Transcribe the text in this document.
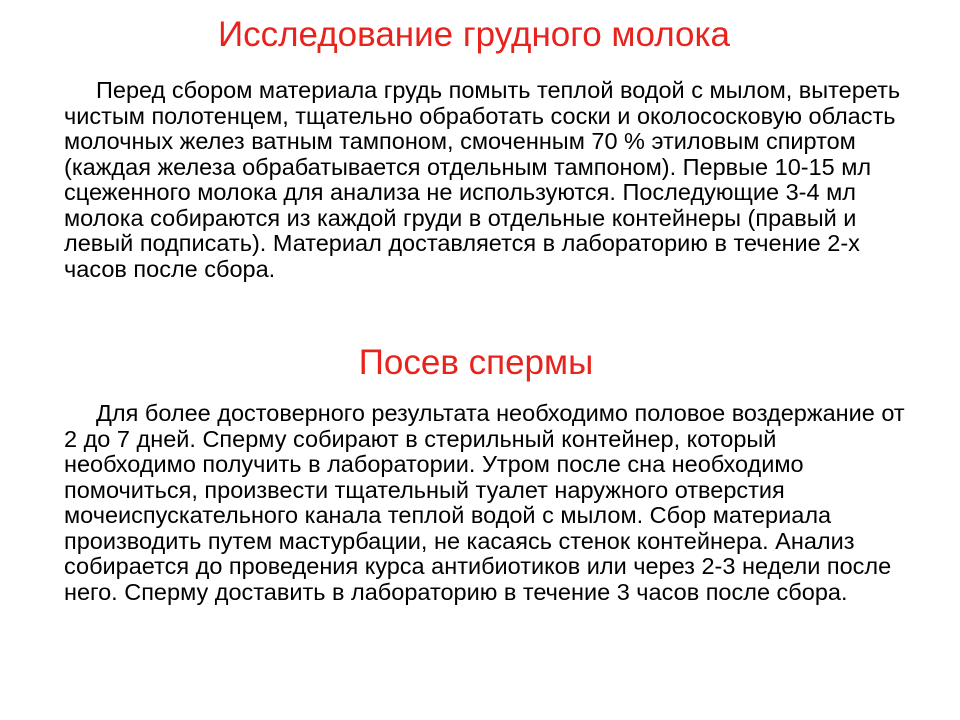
Исследование грудного молока

Перед сбором материала грудь помыть теплой водой с мылом, вытереть чистым полотенцем, тщательно обработать соски и околососковую область молочных желез ватным тампоном, смоченным 70 % этиловым спиртом (каждая железа обрабатывается отдельным тампоном). Первые 10-15 мл сцеженного молока для анализа не используются. Последующие 3-4 мл молока собираются из каждой груди в отдельные контейнеры (правый и левый подписать). Материал доставляется в лабораторию в течение 2-х часов после сбора.

Посев спермы

Для более достоверного результата необходимо половое воздержание от 2 до 7 дней. Сперму собирают в стерильный контейнер, который необходимо получить в лаборатории. Утром после сна необходимо помочиться, произвести тщательный туалет наружного отверстия мочеиспускательного канала теплой водой с мылом. Сбор материала производить путем мастурбации, не касаясь стенок контейнера. Анализ собирается до проведения курса антибиотиков или через 2-3 недели после него. Сперму доставить в лабораторию в течение 3 часов после сбора.
